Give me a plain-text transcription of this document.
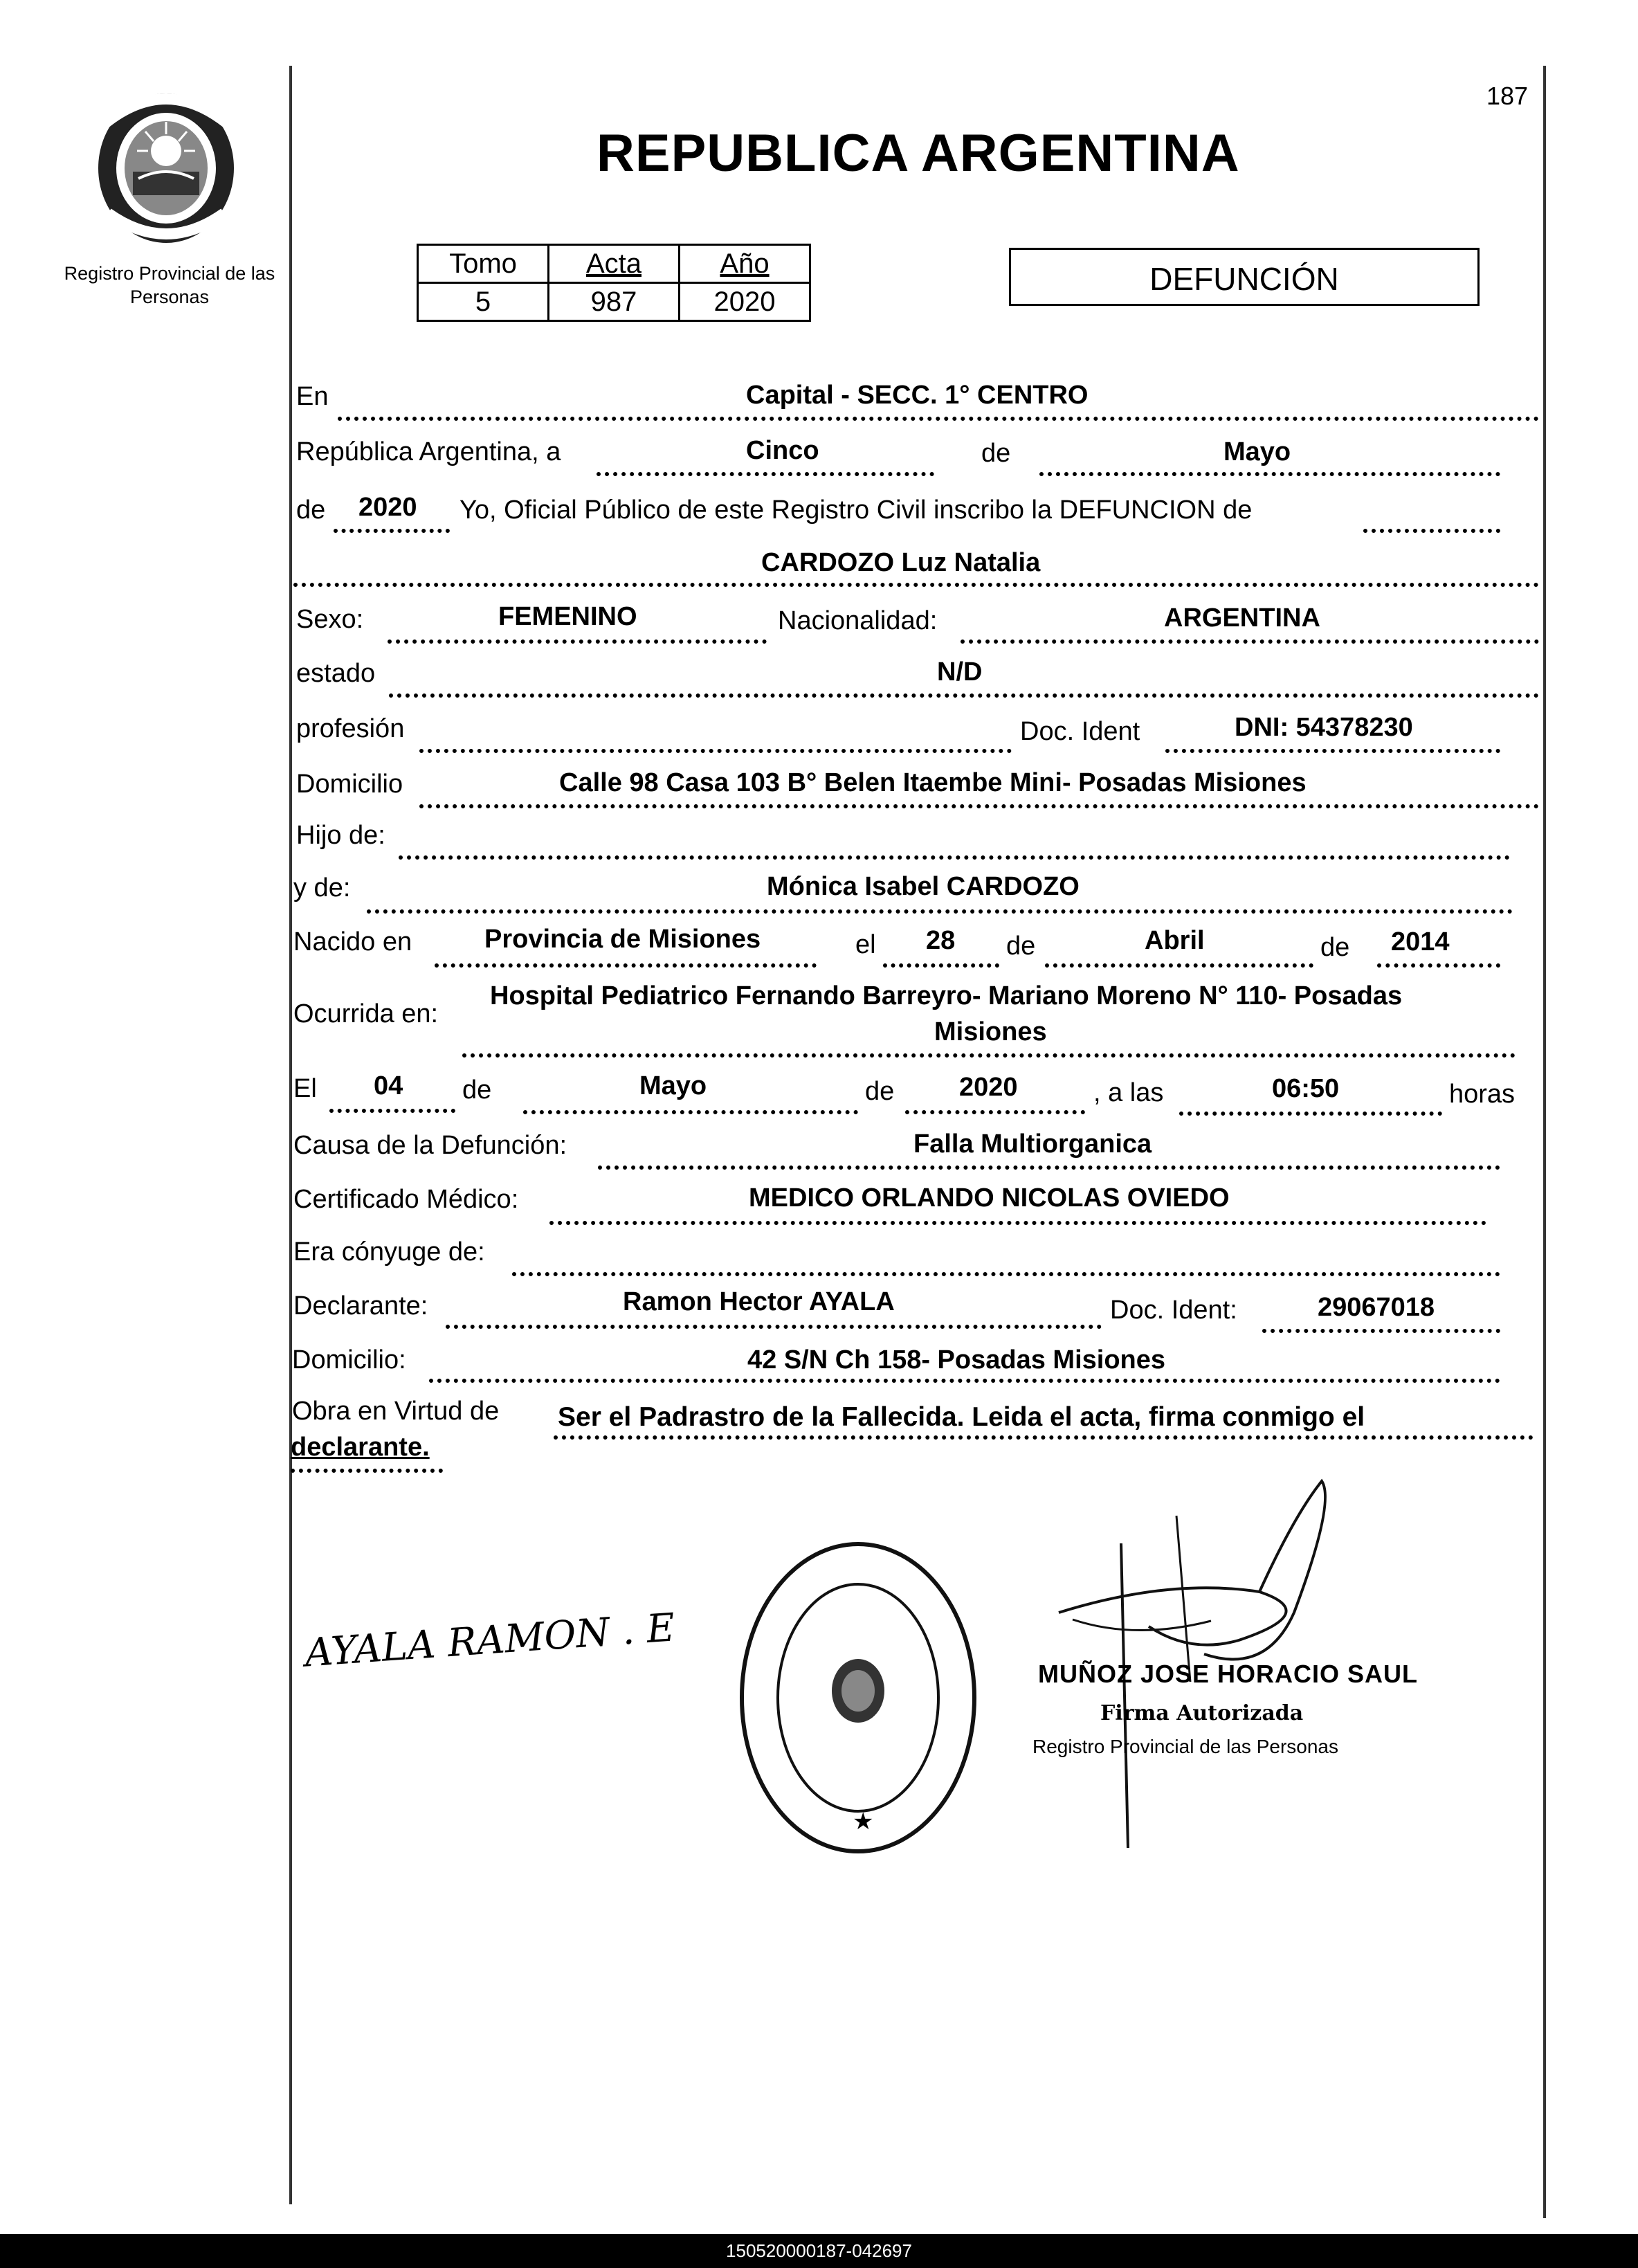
Registro Provincial de las Personas
187
REPUBLICA ARGENTINA
Tomo	Acta	Año
5	987	2020
DEFUNCIÓN
En	Capital - SECC. 1° CENTRO
República Argentina, a	Cinco	de	Mayo
de 2020 Yo, Oficial Público de este Registro Civil inscribo la DEFUNCION de
CARDOZO Luz Natalia
Sexo:	FEMENINO	Nacionalidad:	ARGENTINA
estado	N/D
profesión	Doc. Ident	DNI: 54378230
Domicilio	Calle 98 Casa 103 B° Belen Itaembe Mini- Posadas Misiones
Hijo de:
y de:	Mónica Isabel CARDOZO
Nacido en	Provincia de Misiones	el 28 de	Abril	de 2014
Ocurrida en:
Hospital Pediatrico Fernando Barreyro- Mariano Moreno N° 110- Posadas
Misiones
El 04 de	Mayo	de 2020	, a las	06:50	horas
Causa de la Defunción:	Falla Multiorganica
Certificado Médico:	MEDICO ORLANDO NICOLAS OVIEDO
Era cónyuge de:
Declarante:	Ramon Hector AYALA	Doc. Ident:	29067018
Domicilio:	42 S/N Ch 158- Posadas Misiones
Obra en Virtud de Ser el Padrastro de la Fallecida. Leida el acta, firma conmigo el
declarante.
AYALA RAMON . E
★
MUÑOZ JOSE HORACIO SAUL
Firma Autorizada
Registro Provincial de las Personas
150520000187-042697
